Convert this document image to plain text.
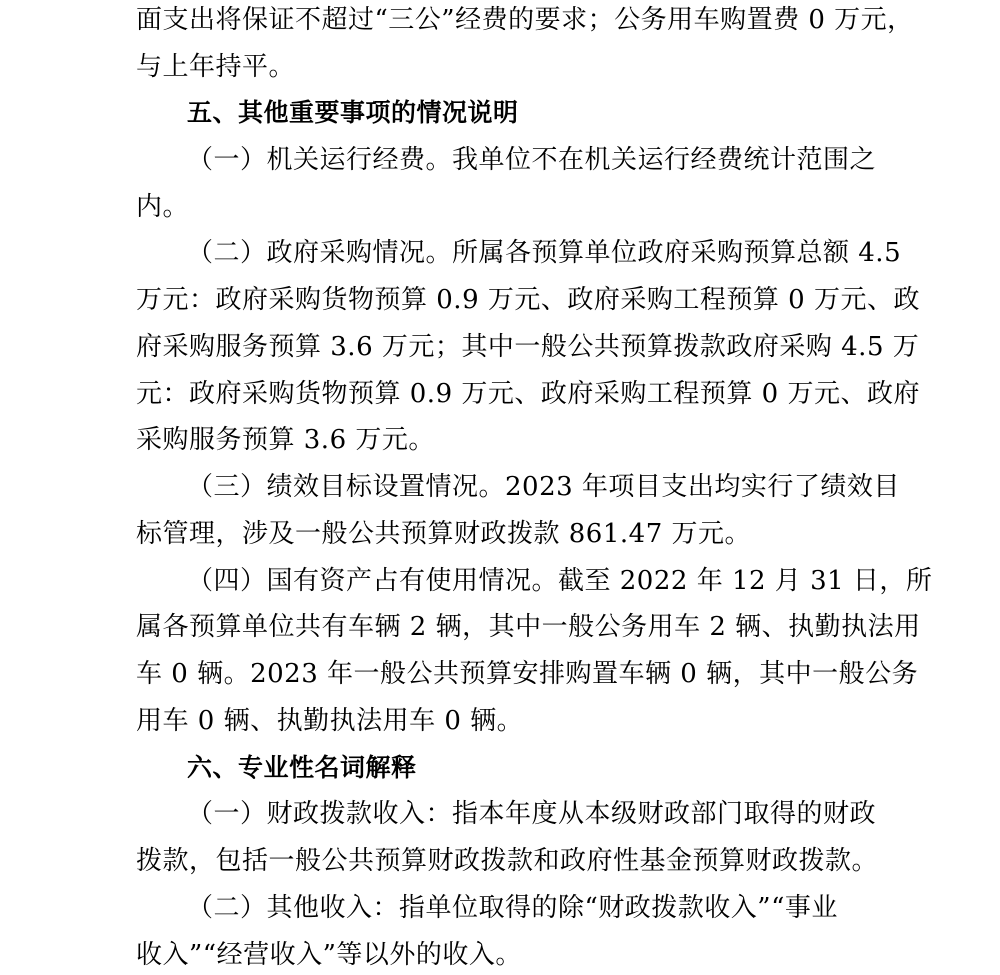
面支出将保证不超过“三公”经费的要求；公务用车购置费 0 万元，
与上年持平。
五、其他重要事项的情况说明
（一）机关运行经费。我单位不在机关运行经费统计范围之
内。
（二）政府采购情况。所属各预算单位政府采购预算总额 4.5
万元：政府采购货物预算 0.9 万元、政府采购工程预算 0 万元、政
府采购服务预算 3.6 万元；其中一般公共预算拨款政府采购 4.5 万
元：政府采购货物预算 0.9 万元、政府采购工程预算 0 万元、政府
采购服务预算 3.6 万元。
（三）绩效目标设置情况。2023 年项目支出均实行了绩效目
标管理，涉及一般公共预算财政拨款 861.47 万元。
（四）国有资产占有使用情况。截至 2022 年 12 月 31 日，所
属各预算单位共有车辆 2 辆，其中一般公务用车 2 辆、执勤执法用
车 0 辆。2023 年一般公共预算安排购置车辆 0 辆，其中一般公务
用车 0 辆、执勤执法用车 0 辆。
六、专业性名词解释
（一）财政拨款收入：指本年度从本级财政部门取得的财政
拨款，包括一般公共预算财政拨款和政府性基金预算财政拨款。
（二）其他收入：指单位取得的除“财政拨款收入”“事业
收入”“经营收入”等以外的收入。
